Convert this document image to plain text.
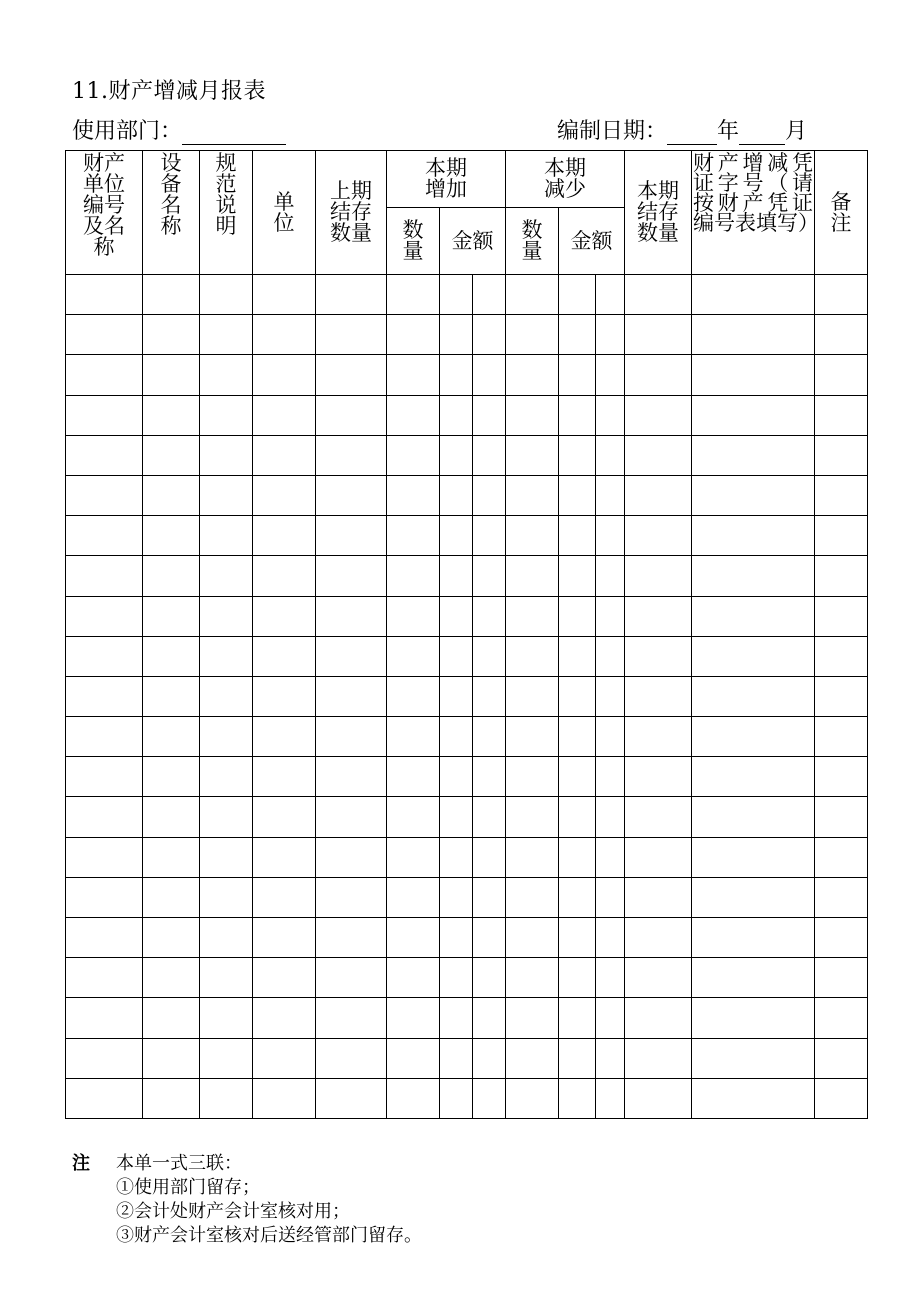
11.财产增减月报表
使用部门：	编制日期： 年 月
财产单位编号及名称	设备名称	规范说明	单位	上期结存数量	本期增加			本期减少			本期结存数量	财产增减凭证字号（请按财产凭证编号表填写）	备注
					数量	金额		数量	金额				

注 本单一式三联：
①使用部门留存；
②会计处财产会计室核对用；
③财产会计室核对后送经管部门留存。
